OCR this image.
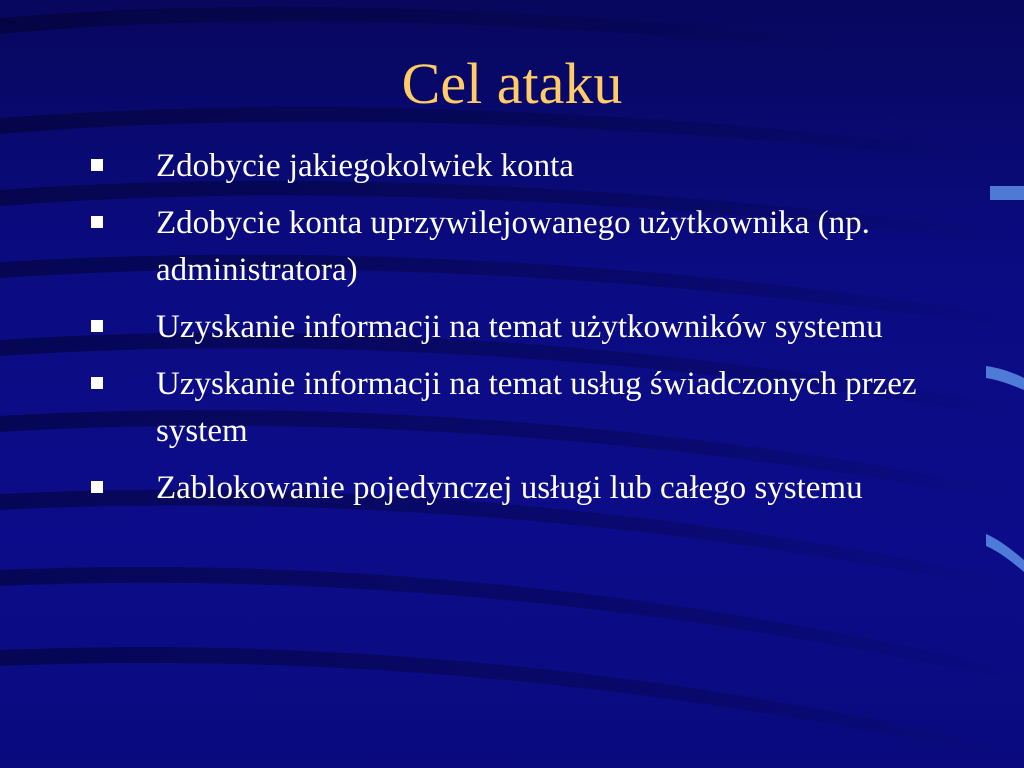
Cel ataku
Zdobycie jakiegokolwiek konta
Zdobycie konta uprzywilejowanego użytkownika (np. administratora)
Uzyskanie informacji na temat użytkowników systemu
Uzyskanie informacji na temat usług świadczonych przez system
Zablokowanie pojedynczej usługi lub całego systemu
